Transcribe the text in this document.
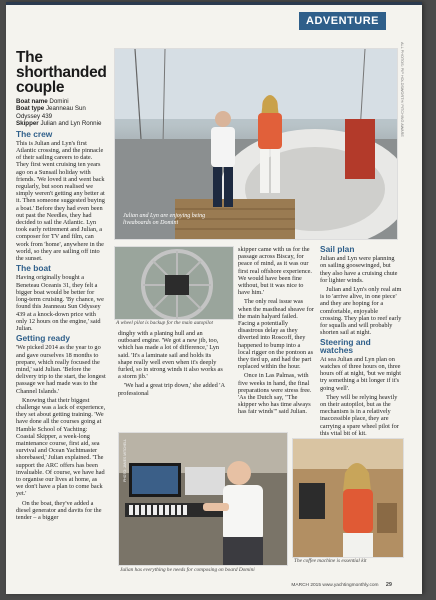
ADVENTURE
ALL PHOTOS: PIP HOLDSWORTH/ PITCHING AWARE
The shorthanded
couple
Boat name Domini
Boat type Jeanneau Sun Odyssey 439
Skipper Julian and Lyn Ronnie
The crew

This is Julian and Lyn's first Atlantic crossing, and the pinnacle of their sailing careers to date. They first went cruising ten years ago on a Sunsail holiday with friends. 'We loved it and went back regularly, but soon realised we simply weren't getting any better at it. Then someone suggested buying a boat.' Before they had even been out past the Needles, they had decided to sail the Atlantic. Lyn took early retirement and Julian, a composer for TV and film, can work from 'home', anywhere in the world, so they are sailing off into the sunset.

The boat

Having originally bought a Beneteau Oceanis 31, they felt a bigger boat would be better for long-term cruising. 'By chance, we found this Jeanneau Sun Odyssey 439 at a knock-down price with only 12 hours on the engine,' said Julian.

Getting ready

'We picked 2014 as the year to go and gave ourselves 18 months to prepare, which really focused the mind,' said Julian. 'Before the delivery trip to the start, the longest passage we had made was to the Channel Islands.'

Knowing that their biggest challenge was a lack of experience, they set about getting training. 'We have done all the courses going at Hamble School of Yachting: Coastal Skipper, a week-long maintenance course, first aid, sea survival and Ocean Yachtmaster shorebased,' Julian explained. 'The support the ARC offers has been invaluable. Of course, we have had to organise our lives at home, as we don't have a plan to come back yet.'

On the boat, they've added a diesel generator and davits for the tender – a bigger

Julian and Lyn are enjoying being liveaboards on Domini
A wheel pilot is backup for the main autopilot

dinghy with a planing hull and an outboard engine. 'We got a new jib, too, which has made a lot of difference,' Lyn said. 'It's a laminate sail and holds its shape really well even when it's deeply furled, so in strong winds it also works as a storm jib.'

'We had a great trip down,' she added 'A professional

skipper came with us for the passage across Biscay, for peace of mind, as it was our first real offshore experience. We would have been fine without, but it was nice to have him.'

The only real issue was when the masthead sheave for the main halyard failed. Facing a potentially disastrous delay as they diverted into Roscoff, they happened to bump into a local rigger on the pontoon as they tied up, and had the part replaced within the hour.

Once in Las Palmas, with five weeks in hand, the final preparations were stress free. 'As the Dutch say, "The skipper who has time always has fair winds"' said Julian.

Sail plan

Julian and Lyn were planning on sailing goosewinged, but they also have a cruising chute for lighter winds.

Julian and Lyn's only real aim is to 'arrive alive, in one piece' and they are hoping for a comfortable, enjoyable crossing. They plan to reef early for squalls and will probably shorten sail at night.

Steering and watches

At sea Julian and Lyn plan on watches of three hours on, three hours off at night, 'but we might try something a bit longer if it's going well'.

They will be relying heavily on their autopilot, but as the mechanism is in a relatively inaccessible place, they are carrying a spare wheel pilot for this vital bit of kit.

PHOTO: JAMES MITCHELL
Julian has everything he needs for composing on board Domini
The coffee machine is essential kit
MARCH 2015 www.yachtingmonthly.com 29
